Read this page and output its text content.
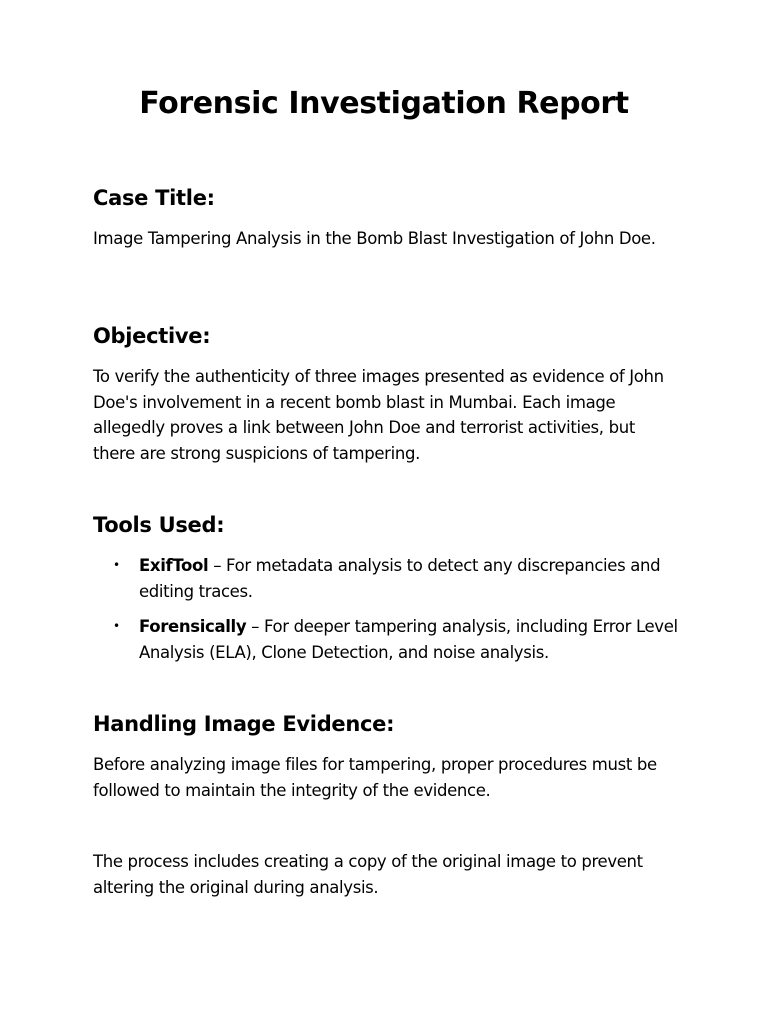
Forensic Investigation Report
Case Title:

Image Tampering Analysis in the Bomb Blast Investigation of John Doe.

Objective:

To verify the authenticity of three images presented as evidence of John Doe's involvement in a recent bomb blast in Mumbai. Each image allegedly proves a link between John Doe and terrorist activities, but there are strong suspicions of tampering.

Tools Used:
• ExifTool – For metadata analysis to detect any discrepancies and editing traces.
• Forensically – For deeper tampering analysis, including Error Level Analysis (ELA), Clone Detection, and noise analysis.
Handling Image Evidence:

Before analyzing image files for tampering, proper procedures must be followed to maintain the integrity of the evidence.

The process includes creating a copy of the original image to prevent altering the original during analysis.
